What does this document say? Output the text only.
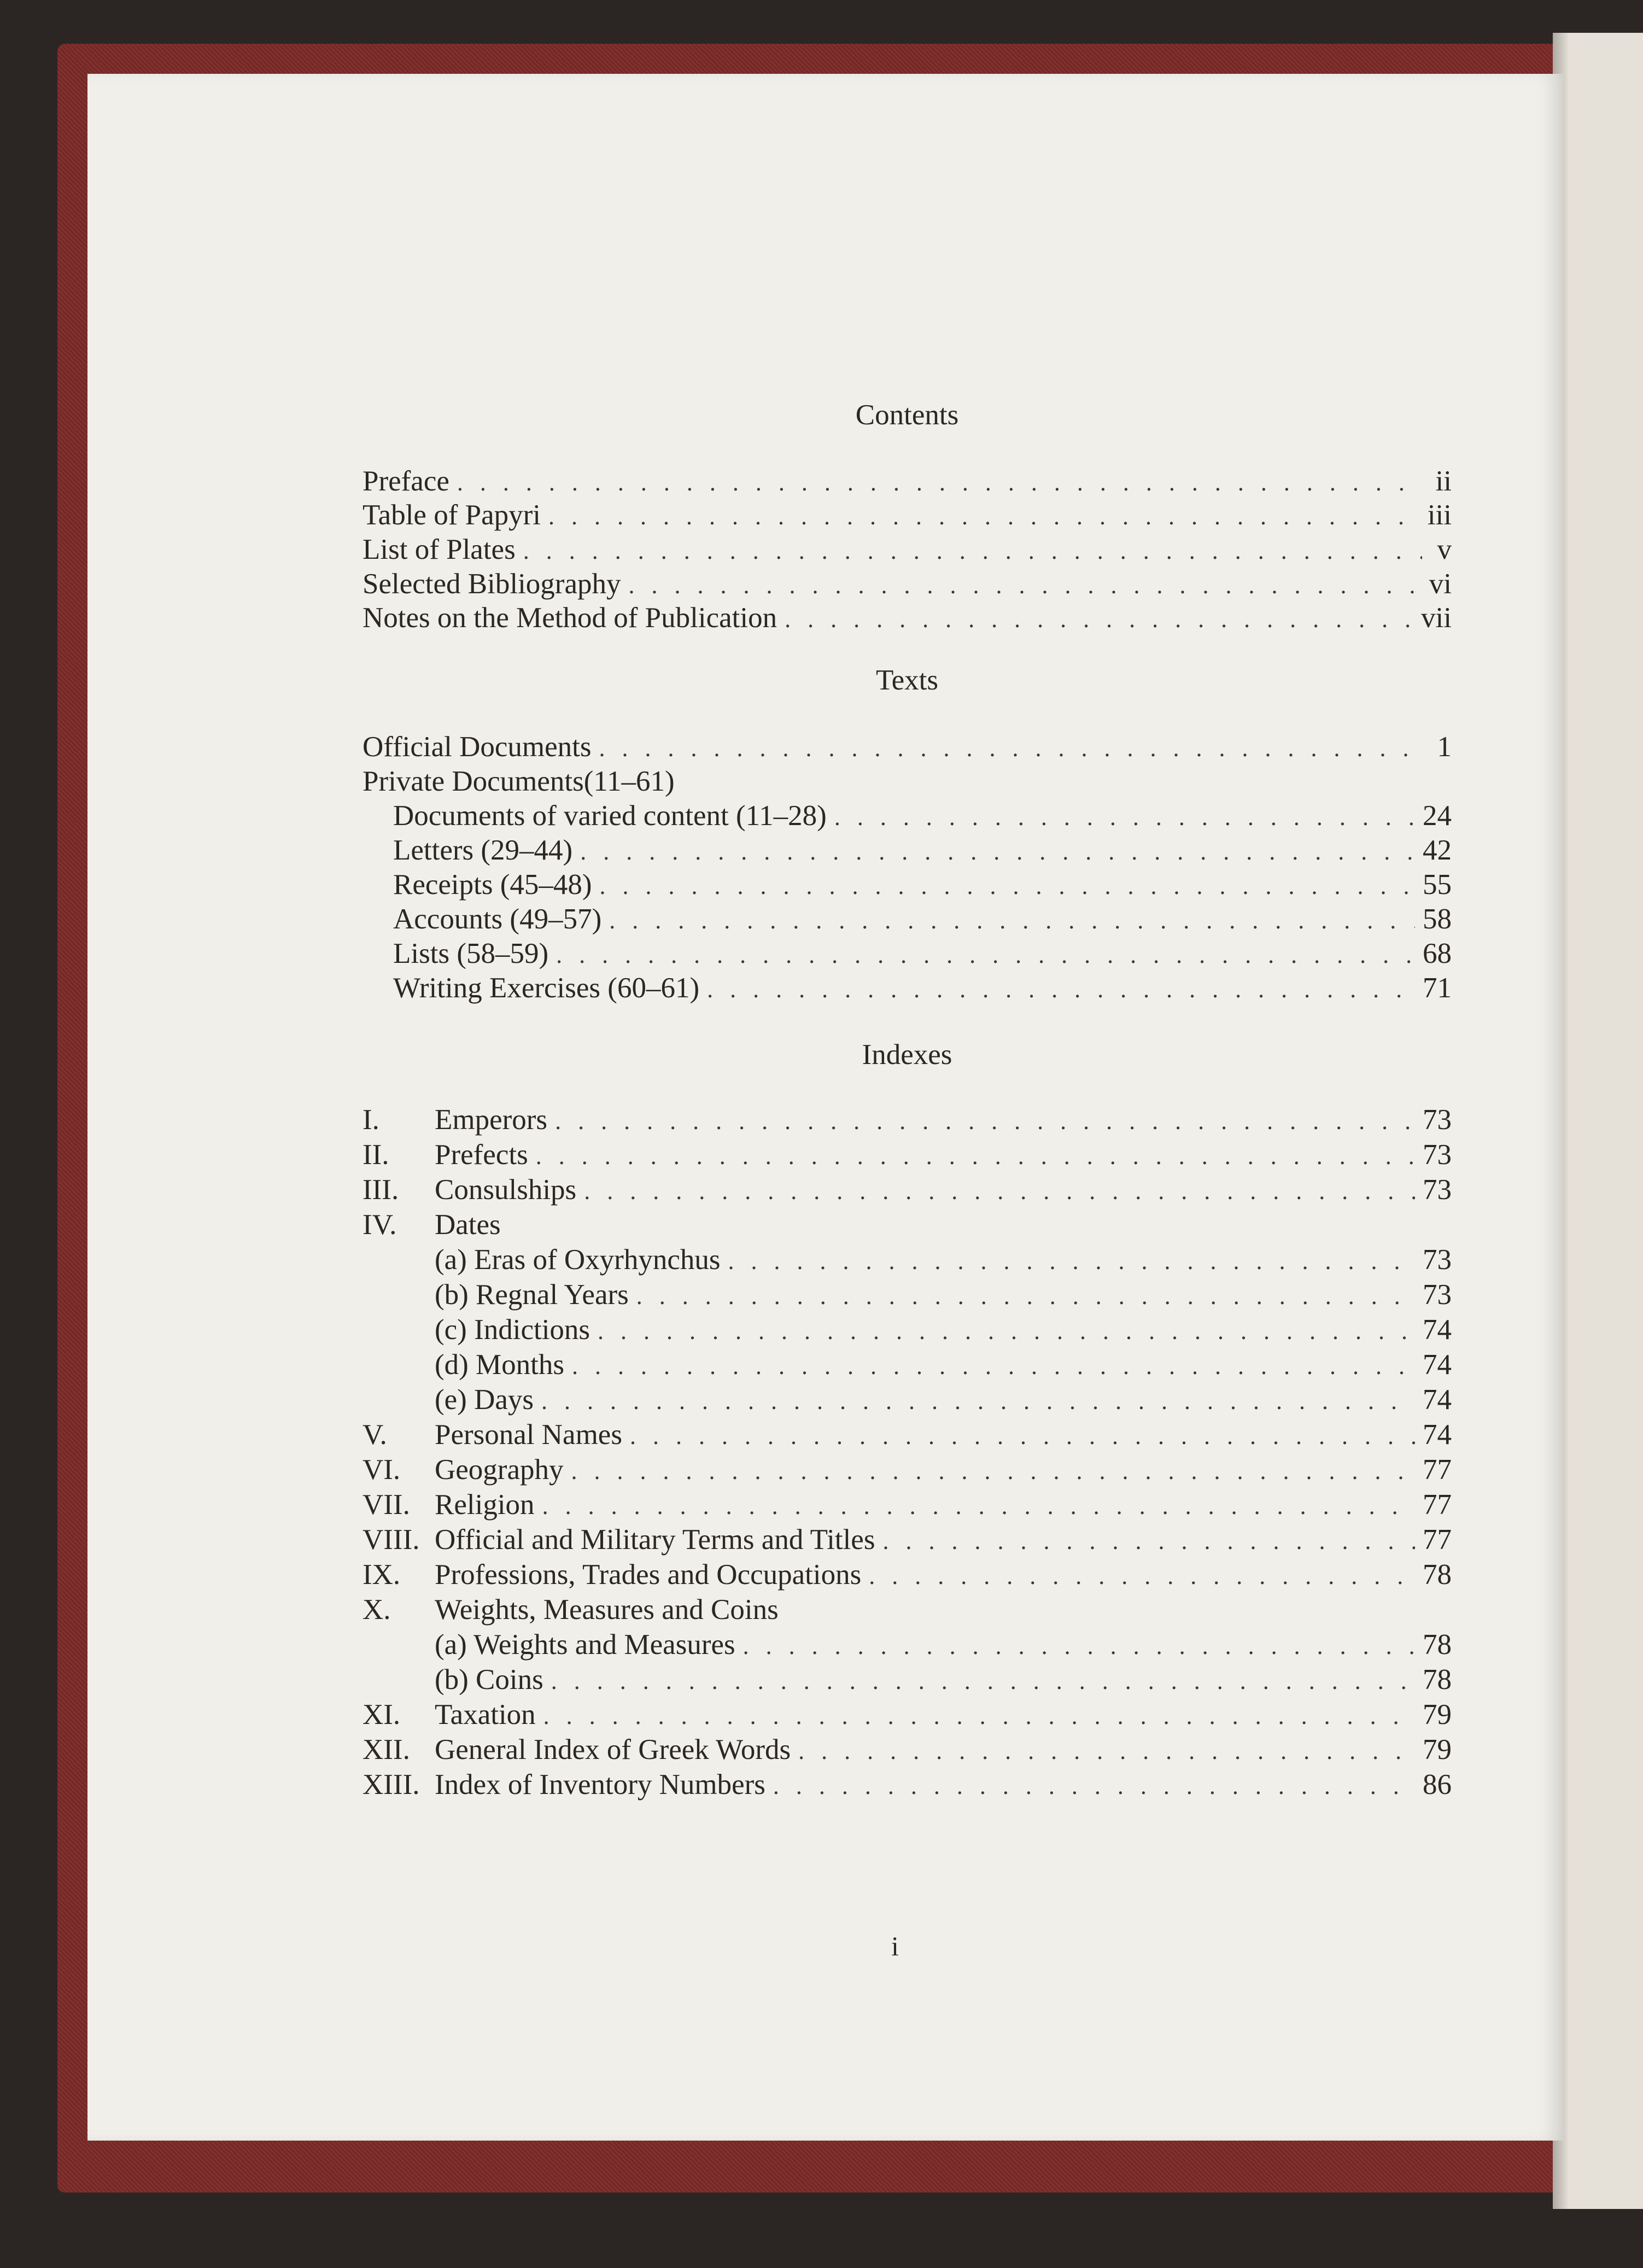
Contents
Preface . . .	ii
Table of Papyri . . .	iii
List of Plates . . .	v
Selected Bibliography . . .	vi
Notes on the Method of Publication . . .	vii
Texts
Official Documents . . .	1
Private Documents(11–61)
Documents of varied content (11–28) . . .	24
Letters (29–44) . . .	42
Receipts (45–48) . . .	55
Accounts (49–57) . . .	58
Lists (58–59) . . .	68
Writing Exercises (60–61) . . .	71
Indexes
I.	Emperors . . .	73
II.	Prefects . . .	73
III.	Consulships . . .	73
IV.	Dates
(a) Eras of Oxyrhynchus . . .	73
(b) Regnal Years . . .	73
(c) Indictions . . .	74
(d) Months . . .	74
(e) Days . . .	74
V.	Personal Names . . .	74
VI.	Geography . . .	77
VII. Religion . . .	77
VIII. Official and Military Terms and Titles . . .	77
IX.	Professions, Trades and Occupations . . .	78
X.	Weights, Measures and Coins
(a) Weights and Measures . . .	78
(b) Coins . . .	78
XI.	Taxation . . .	79
XII. General Index of Greek Words . . .	79
XIII. Index of Inventory Numbers . . .	86
i
